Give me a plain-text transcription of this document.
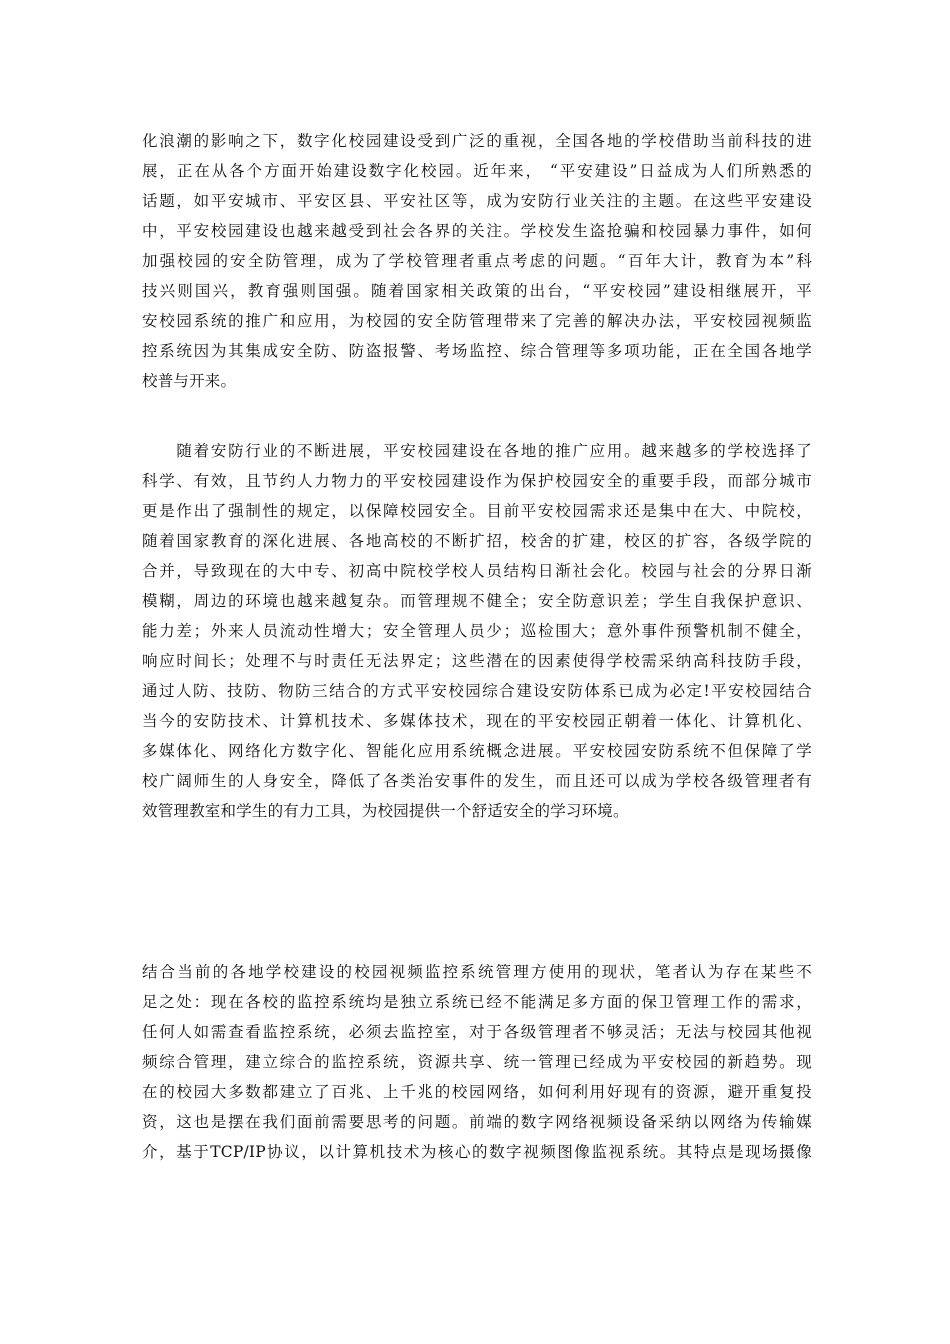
化浪潮的影响之下，数字化校园建设受到广泛的重视，全国各地的学校借助当前科技的进
展，正在从各个方面开始建设数字化校园。近年来， “平安建设”日益成为人们所熟悉的
话题，如平安城市、平安区县、平安社区等，成为安防行业关注的主题。在这些平安建设
中，平安校园建设也越来越受到社会各界的关注。学校发生盗抢骗和校园暴力事件，如何
加强校园的安全防管理，成为了学校管理者重点考虑的问题。“百年大计，教育为本”科
技兴则国兴，教育强则国强。随着国家相关政策的出台，“平安校园”建设相继展开，平
安校园系统的推广和应用，为校园的安全防管理带来了完善的解决办法，平安校园视频监
控系统因为其集成安全防、防盗报警、考场监控、综合管理等多项功能，正在全国各地学
校普与开来。
　　随着安防行业的不断进展，平安校园建设在各地的推广应用。越来越多的学校选择了
科学、有效，且节约人力物力的平安校园建设作为保护校园安全的重要手段，而部分城市
更是作出了强制性的规定，以保障校园安全。目前平安校园需求还是集中在大、中院校，
随着国家教育的深化进展、各地高校的不断扩招，校舍的扩建，校区的扩容，各级学院的
合并，导致现在的大中专、初高中院校学校人员结构日渐社会化。校园与社会的分界日渐
模糊，周边的环境也越来越复杂。而管理规不健全；安全防意识差；学生自我保护意识、
能力差；外来人员流动性增大；安全管理人员少；巡检围大；意外事件预警机制不健全，
响应时间长；处理不与时责任无法界定；这些潜在的因素使得学校需采纳高科技防手段，
通过人防、技防、物防三结合的方式平安校园综合建设安防体系已成为必定!平安校园结合
当今的安防技术、计算机技术、多媒体技术，现在的平安校园正朝着一体化、计算机化、
多媒体化、网络化方数字化、智能化应用系统概念进展。平安校园安防系统不但保障了学
校广阔师生的人身安全，降低了各类治安事件的发生，而且还可以成为学校各级管理者有
效管理教室和学生的有力工具，为校园提供一个舒适安全的学习环境。
结合当前的各地学校建设的校园视频监控系统管理方使用的现状，笔者认为存在某些不
足之处：现在各校的监控系统均是独立系统已经不能满足多方面的保卫管理工作的需求，
任何人如需查看监控系统，必须去监控室，对于各级管理者不够灵活；无法与校园其他视
频综合管理，建立综合的监控系统，资源共享、统一管理已经成为平安校园的新趋势。现
在的校园大多数都建立了百兆、上千兆的校园网络，如何利用好现有的资源，避开重复投
资，这也是摆在我们面前需要思考的问题。前端的数字网络视频设备采纳以网络为传输媒
介，基于TCP/IP协议，以计算机技术为核心的数字视频图像监视系统。其特点是现场摄像
